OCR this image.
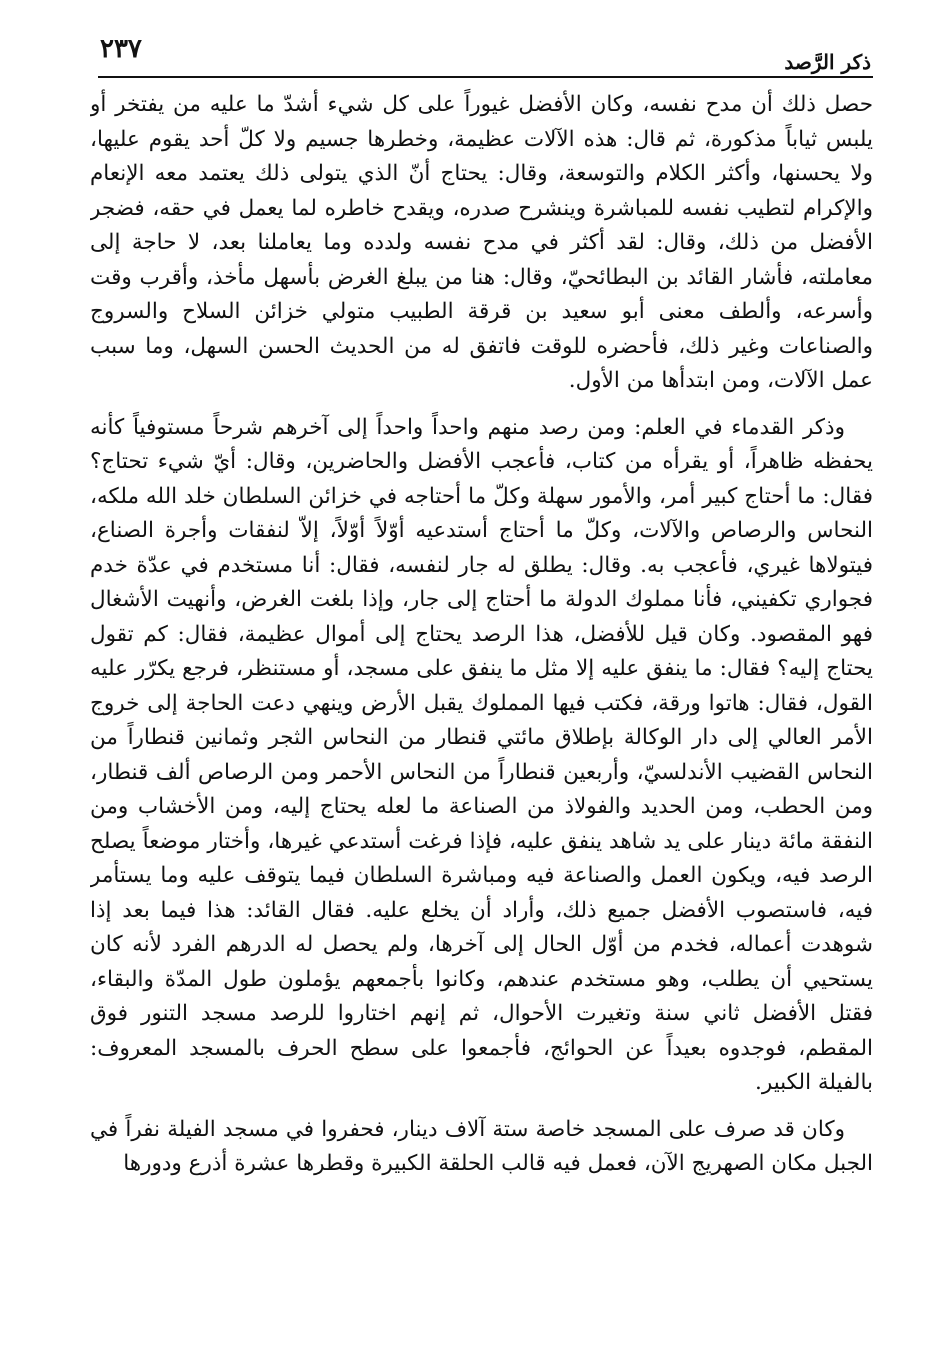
ذكر الرَّصد
٢٣٧

حصل ذلك أن مدح نفسه، وكان الأفضل غيوراً على كل شيء أشدّ ما عليه من يفتخر أو يلبس ثياباً مذكورة، ثم قال: هذه الآلات عظيمة، وخطرها جسيم ولا كلّ أحد يقوم عليها، ولا يحسنها، وأكثر الكلام والتوسعة، وقال: يحتاج أنّ الذي يتولى ذلك يعتمد معه الإنعام والإكرام لتطيب نفسه للمباشرة وينشرح صدره، ويقدح خاطره لما يعمل في حقه، فضجر الأفضل من ذلك، وقال: لقد أكثر في مدح نفسه ولدده وما يعاملنا بعد، لا حاجة إلى معاملته، فأشار القائد بن البطائحيّ، وقال: هنا من يبلغ الغرض بأسهل مأخذ، وأقرب وقت وأسرعه، وألطف معنى أبو سعيد بن قرقة الطبيب متولي خزائن السلاح والسروج والصناعات وغير ذلك، فأحضره للوقت فاتفق له من الحديث الحسن السهل، وما سبب عمل الآلات، ومن ابتدأها من الأول.

وذكر القدماء في العلم: ومن رصد منهم واحداً واحداً إلى آخرهم شرحاً مستوفياً كأنه يحفظه ظاهراً، أو يقرأه من كتاب، فأعجب الأفضل والحاضرين، وقال: أيّ شيء تحتاج؟ فقال: ما أحتاج كبير أمر، والأمور سهلة وكلّ ما أحتاجه في خزائن السلطان خلد الله ملكه، النحاس والرصاص والآلات، وكلّ ما أحتاج أستدعيه أوّلاً أوّلاً، إلاّ لنفقات وأجرة الصناع، فيتولاها غيري، فأعجب به. وقال: يطلق له جار لنفسه، فقال: أنا مستخدم في عدّة خدم فجواري تكفيني، فأنا مملوك الدولة ما أحتاج إلى جار، وإذا بلغت الغرض، وأنهيت الأشغال فهو المقصود. وكان قيل للأفضل، هذا الرصد يحتاج إلى أموال عظيمة، فقال: كم تقول يحتاج إليه؟ فقال: ما ينفق عليه إلا مثل ما ينفق على مسجد، أو مستنظر، فرجع يكرّر عليه القول، فقال: هاتوا ورقة، فكتب فيها المملوك يقبل الأرض وينهي دعت الحاجة إلى خروج الأمر العالي إلى دار الوكالة بإطلاق مائتي قنطار من النحاس الثجر وثمانين قنطاراً من النحاس القضيب الأندلسيّ، وأربعين قنطاراً من النحاس الأحمر ومن الرصاص ألف قنطار، ومن الحطب، ومن الحديد والفولاذ من الصناعة ما لعله يحتاج إليه، ومن الأخشاب ومن النفقة مائة دينار على يد شاهد ينفق عليه، فإذا فرغت أستدعي غيرها، وأختار موضعاً يصلح الرصد فيه، ويكون العمل والصناعة فيه ومباشرة السلطان فيما يتوقف عليه وما يستأمر فيه، فاستصوب الأفضل جميع ذلك، وأراد أن يخلع عليه. فقال القائد: هذا فيما بعد إذا شوهدت أعماله، فخدم من أوّل الحال إلى آخرها، ولم يحصل له الدرهم الفرد لأنه كان يستحيي أن يطلب، وهو مستخدم عندهم، وكانوا بأجمعهم يؤملون طول المدّة والبقاء، فقتل الأفضل ثاني سنة وتغيرت الأحوال، ثم إنهم اختاروا للرصد مسجد التنور فوق المقطم، فوجدوه بعيداً عن الحوائج، فأجمعوا على سطح الحرف بالمسجد المعروف: بالفيلة الكبير.

وكان قد صرف على المسجد خاصة ستة آلاف دينار، فحفروا في مسجد الفيلة نفراً في الجبل مكان الصهريج الآن، فعمل فيه قالب الحلقة الكبيرة وقطرها عشرة أذرع ودورها
